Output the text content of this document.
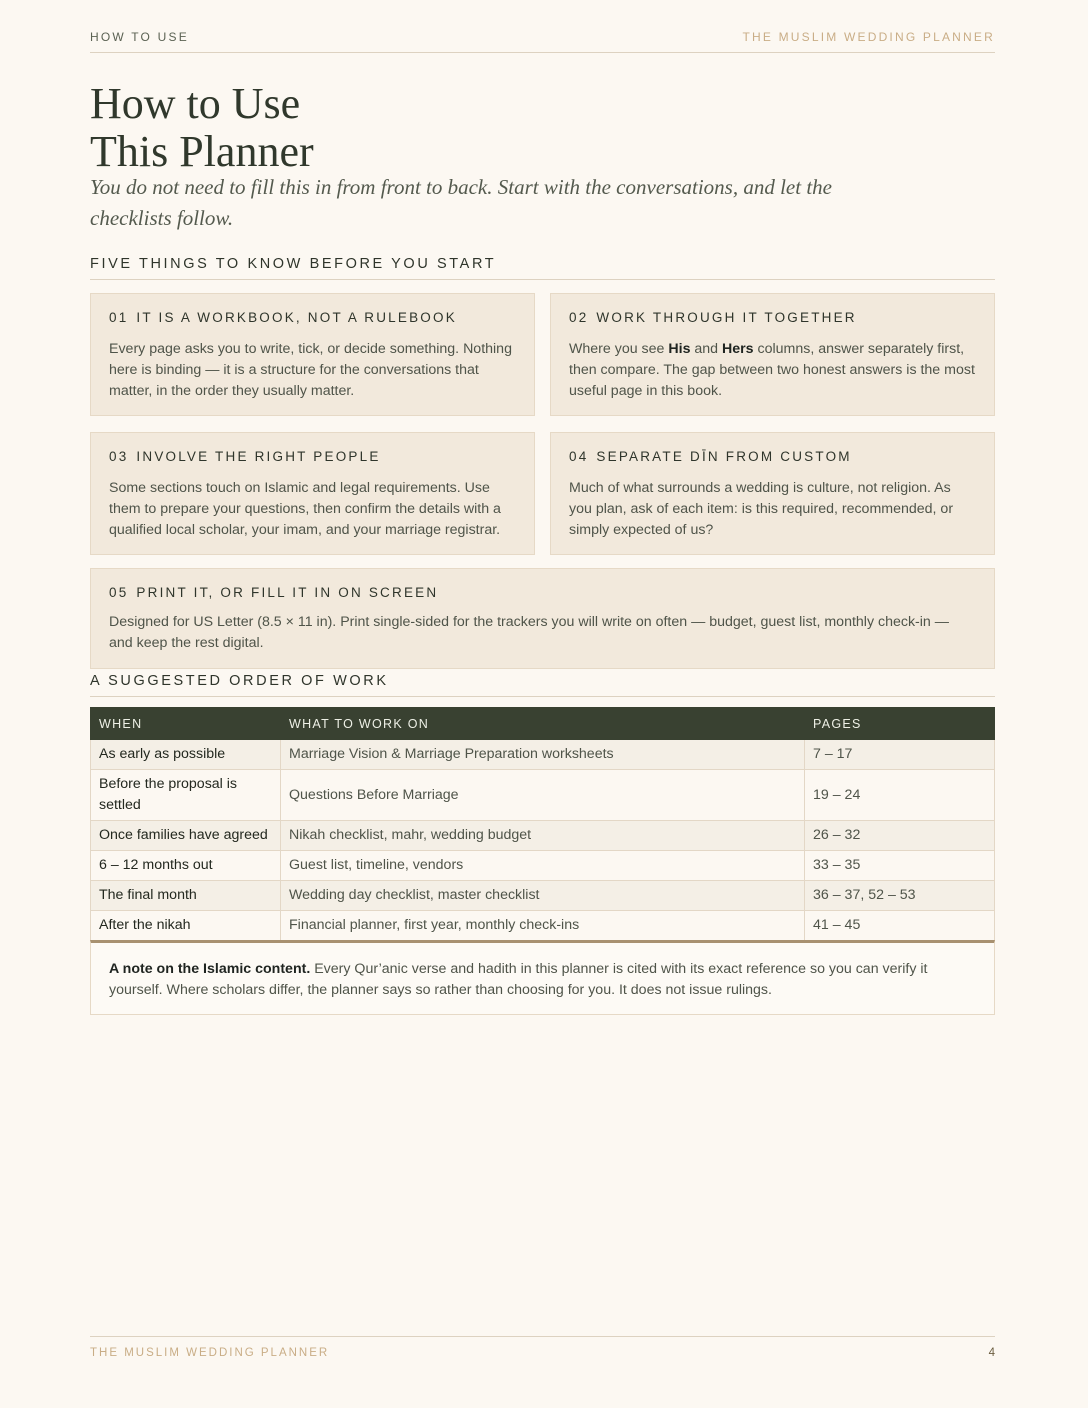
HOW TO USE	THE MUSLIM WEDDING PLANNER
How to Use
This Planner

You do not need to fill this in from front to back. Start with the conversations, and let the checklists follow.

FIVE THINGS TO KNOW BEFORE YOU START
01 IT IS A WORKBOOK, NOT A RULEBOOK

Every page asks you to write, tick, or decide something. Nothing here is binding — it is a structure for the conversations that matter, in the order they usually matter.

02 WORK THROUGH IT TOGETHER

Where you see His and Hers columns, answer separately first, then compare. The gap between two honest answers is the most useful page in this book.

03 INVOLVE THE RIGHT PEOPLE

Some sections touch on Islamic and legal requirements. Use them to prepare your questions, then confirm the details with a qualified local scholar, your imam, and your marriage registrar.

04 SEPARATE DĪN FROM CUSTOM

Much of what surrounds a wedding is culture, not religion. As you plan, ask of each item: is this required, recommended, or simply expected of us?

05 PRINT IT, OR FILL IT IN ON SCREEN

Designed for US Letter (8.5 × 11 in). Print single-sided for the trackers you will write on often — budget, guest list, monthly check-in — and keep the rest digital.

A SUGGESTED ORDER OF WORK
WHEN	WHAT TO WORK ON	PAGES
As early as possible	Marriage Vision & Marriage Preparation worksheets	7 – 17
Before the proposal is settled	Questions Before Marriage	19 – 24
Once families have agreed	Nikah checklist, mahr, wedding budget	26 – 32
6 – 12 months out	Guest list, timeline, vendors	33 – 35
The final month	Wedding day checklist, master checklist	36 – 37, 52 – 53
After the nikah	Financial planner, first year, monthly check-ins	41 – 45
A note on the Islamic content. Every Qur’anic verse and hadith in this planner is cited with its exact reference so you can verify it yourself. Where scholars differ, the planner says so rather than choosing for you. It does not issue rulings.
THE MUSLIM WEDDING PLANNER	4
